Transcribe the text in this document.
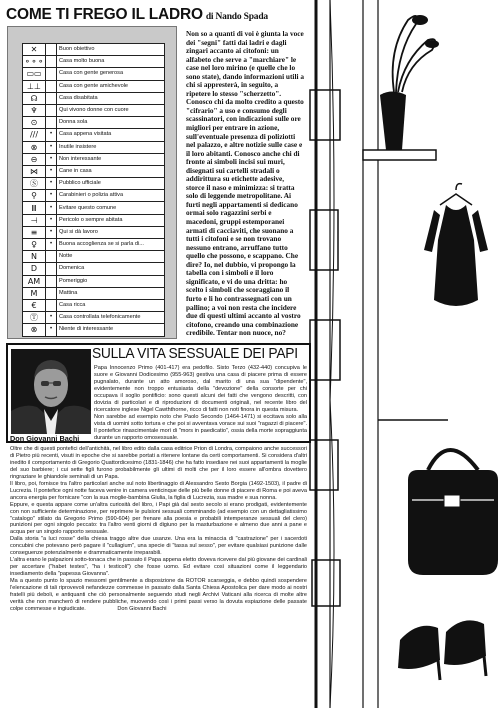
COME TI FREGO IL LADRO di Nando Spada
✕		Buon obiettivo
⚬⚬⚬		Casa molto buona
▭▭		Casa con gente generosa
⊥⊥		Casa con gente amichevole
☊		Casa disabitata
♆		Qui vivono donne con cuore
⊙		Donna sola
///	•	Casa appena visitata
⊗	•	Inutile insistere
⊖	•	Non interessante
⋈	•	Cane in casa
Ⓢ	•	Pubblico ufficiale
⚲	•	Carabinieri o polizia attiva
Ⅲ	•	Evitare questo comune
⊣	•	Pericolo o sempre abitata
≡	•	Qui si dà lavoro
♀	•	Buona accoglienza se si parla di...
N		Notte
D		Domenica
AM		Pomeriggio
M		Mattina
€		Casa ricca
Ⓣ	•	Casa controllata telefonicamente
⊗	•	Niente di interessante
Non so a quanti di voi è giunta la voce dei "segni" fatti dai ladri e dagli zingari accanto ai citofoni: un alfabeto che serve a "marchiare" le case nel loro mirino (e quelle che lo sono state), dando informazioni utili a chi si appresterà, in seguito, a ripetere lo stesso "scherzetto". Conosco chi da molto credito a questo "cifrario" a uso e consumo degli scassinatori, con indicazioni sulle ore migliori per entrare in azione, sull'eventuale presenza di poliziotti nel palazzo, e altre notizie sulle case e il loro abitanti. Conosco anche chi di fronte ai simboli incisi sui muri, disegnati sui cartelli stradali o addirittura su etichette adesive, storce il naso e minimizza: si tratta solo di leggende metropolitane. Ai furti negli appartamenti si dedicano ormai solo ragazzini serbi e macedoni, gruppi estemporanei armati di cacciaviti, che suonano a tutti i citofoni e se non trovano nessuno entrano, arruffano tutto quello che possono, e scappano. Che dire? Io, nel dubbio, vi propongo la tabella con i simboli e il loro significato, e vi do una dritta: ho scelto i simboli che scoraggiano il furto e li ho contrassegnati con un pallino; a voi non resta che incidere due di questi ultimi accanto al vostro citofono, creando una combinazione credibile. Tentar non nuoce, no?
Don Giovanni Bachi
SULLA VITA SESSUALE DEI PAPI

Papa Innocenzo Primo (401-417) era pedofilo. Sisto Terzo (432-440) concupiva le suore e Giovanni Dodicesimo (955-963) gestiva una casa di piacere prima di essere pugnalato, durante un atto amoroso, dal marito di una sua "dipendente", evidentemente non troppo entusiasta della "devozione" della consorte per chi occupava il soglio pontificio: sono questi alcuni dei fatti che vengono descritti, con dovizia di particolari e di riproduzioni di documenti originali, nel recente libro del ricercatore inglese Nigel Cawththorne, ricco di fatti non noti finora in questa misura.

Non sarebbe ad esempio noto che Paolo Secondo (1464-1471) si eccitava solo alla vista di uomini sotto tortura e che poi si avventava vorace sui suoi "ragazzi di piacere". Il pontefice rinascimentale morì di "mors in paedicatio", ossia della morte sopraggiunta durante un rapporto omosessuale.

Oltre che di questi pontefici dell'antichità, nel libro edito dalla casa editrice Prion di Londra, compaiono anche successori di Pietro più recenti, visuti in epoche che si sarebbe portati a ritenere lontane da certi comportamenti. Si considera d'altri inedito il comportamento di Gregorio Quattordicesimo (1831-1846) che ha fatto insediare nei suoi appartamenti la moglie del suo barbiere; i cui sette figli furono probabilmente gli ultimi di molti che per il loro essere all'ombra dovettero ringraziare le ghiandole seminali di un Papa.

Il libro, poi, fornisce tra l'altro particolari anche sul noto libertinaggio di Alessandro Sesto Borgia (1492-1503), il padre di Lucrezia. Il pontefice ogni notte faceva venire in camera venticinque delle più belle donne di piacere di Roma e poi aveva ancora energia per fornicare "con la sua moglie-bambina Giulia, la figlia di Lucrezia, sua madre e sua nonna.

Eppure, e questa appare come un'altra curiosità del libro, i Papi già dal sesto secolo si erano prodigati, evidentemente con non sufficiente determinazione, per reprimere le pulsioni sessuali comminando (ad esempio con un dettagliatissimo "catalogo" stilato da Gregorio Primo (590-604) per frenare alla poesia e probabili intemperanze sessuali del clero) punizioni per ogni singolo peccato: tra l'altro venti giorni di digiuno per la masturbazione e almeno due anni a pane e acqua per un singolo rapporto sessuale.

Dalla storia "a luci rosse" della chiesa traggo altre due usanze. Una era la minaccia di "castrazione" per i sacerdoti concubini che potevano però pagare il "cullagium", una specie di "tassa sul sesso", per evitare qualsiasi punizione dalle conseguenze potenzialmente e drammaticamente irreparabili.

L'altra erano le palpazioni sotto-tonaca che in passato il Papa appena eletto doveva ricevere dal più giovane dei cardinali per accertare ("habet testes", "ha i testicoli") che fosse uomo. Ed evitare così situazioni come il leggendario insediamento della "papessa Giovanna".

Ma a questo punto lo spazio messomi gentilmente a disposizione da ROTOR scarseggia, e debbo quindi sospendere l'elencazione di tali riprovevoli nefandezze commesse in passato dalla Santa Chiesa Apostolica per dare modo ai nostri fratelli più deboli, e antiquanti che ciò personalmente seguendo studi negli Archivi Vaticani alla ricerca di molte altre verità che non mancherò di rendere pubbliche, muovendo così i primi passi verso la dovuta espiazione delle passate colpe commesse e ingiudicate.	Don Giovanni Bachi
